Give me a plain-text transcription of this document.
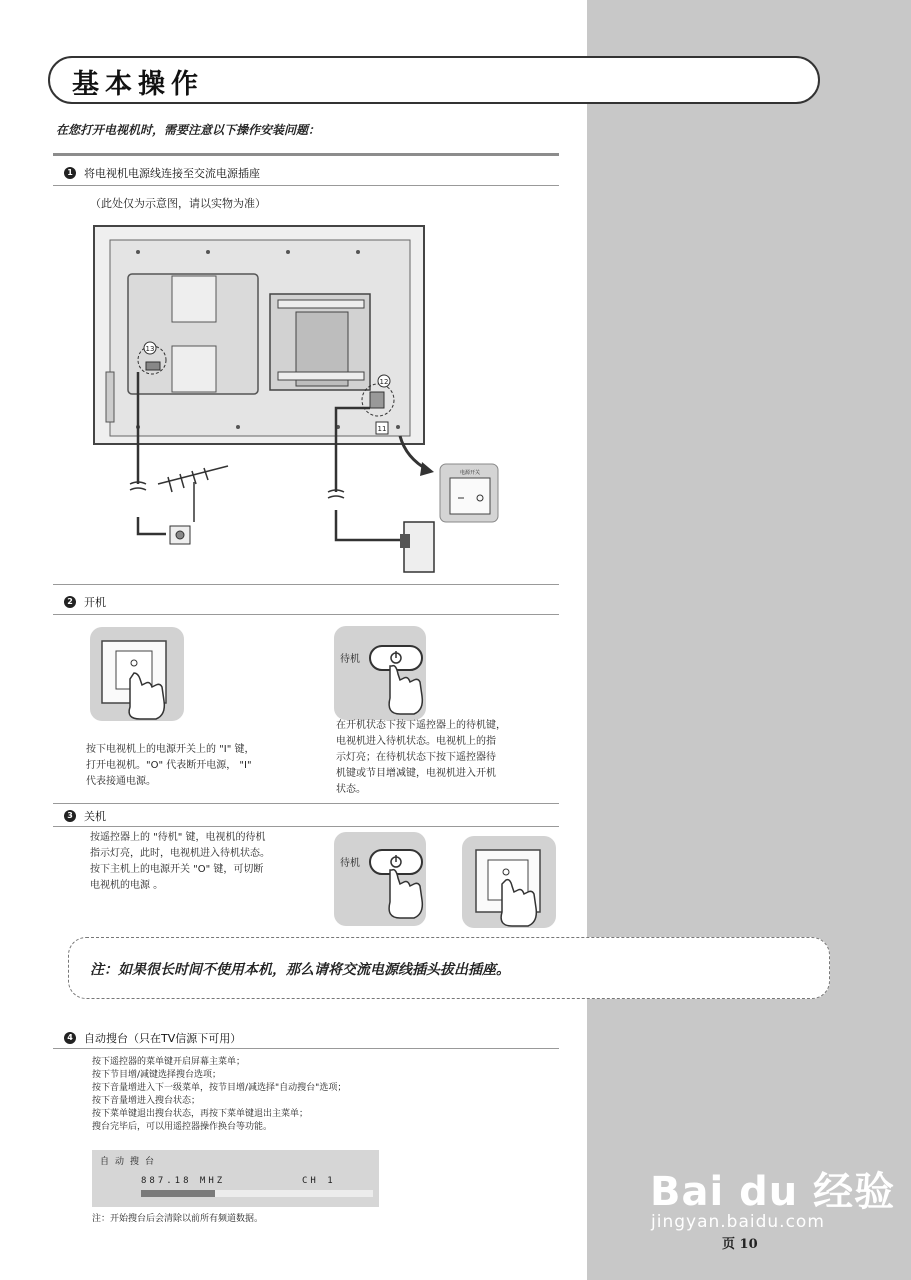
基本操作
在您打开电视机时，需要注意以下操作安装问题：
1 将电视机电源线连接至交流电源插座
（此处仅为示意图，请以实物为准）
13
12
11
电源开关
2 开机
按下电视机上的电源开关上的 "I" 键，
打开电视机。"O" 代表断开电源， "I"
代表接通电源。
待机
在开机状态下按下遥控器上的待机键，
电视机进入待机状态。电视机上的指
示灯亮；在待机状态下按下遥控器待
机键或节目增减键，电视机进入开机
状态。
3 关机
按遥控器上的 "待机" 键，电视机的待机
指示灯亮，此时，电视机进入待机状态。
按下主机上的电源开关 "O" 键，可切断
电视机的电源 。
待机
注：如果很长时间不使用本机，那么请将交流电源线插头拔出插座。
4 自动搜台（只在TV信源下可用）
按下遥控器的菜单键开启屏幕主菜单；
按下节目增/减键选择搜台选项；
按下音量增进入下一级菜单，按节目增/减选择"自动搜台"选项；
按下音量增进入搜台状态；
按下菜单键退出搜台状态，再按下菜单键退出主菜单；
搜台完毕后，可以用遥控器操作换台等功能。
自动搜台
887.18 MHZ	CH 1
注：开始搜台后会清除以前所有频道数据。
Bai du 经验
jingyan.baidu.com
页 10
